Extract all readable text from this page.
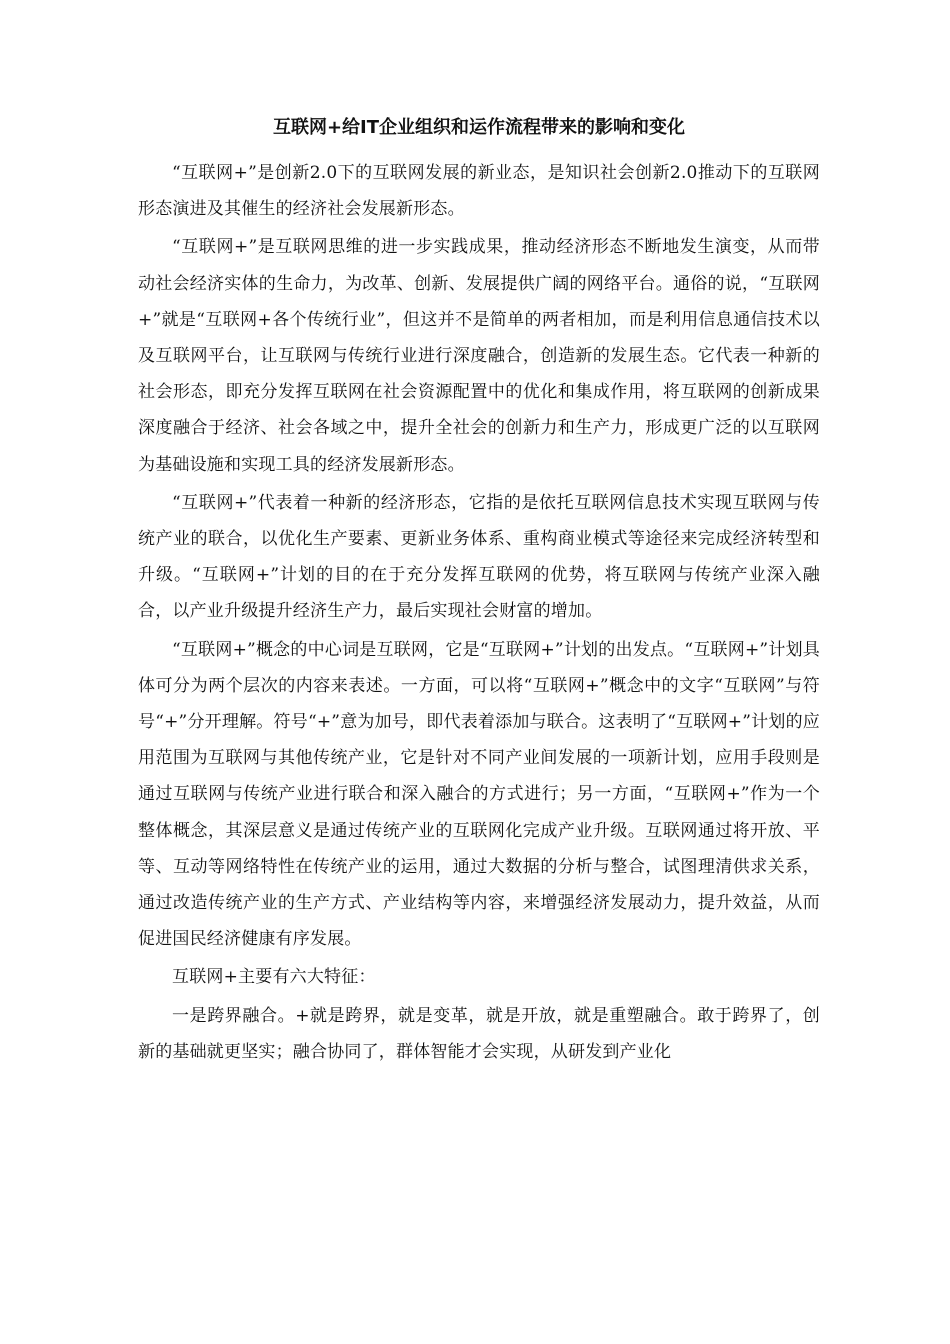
互联网+给IT企业组织和运作流程带来的影响和变化

“互联网+”是创新2.0下的互联网发展的新业态，是知识社会创新2.0推动下的互联网形态演进及其催生的经济社会发展新形态。

“互联网+”是互联网思维的进一步实践成果，推动经济形态不断地发生演变，从而带动社会经济实体的生命力，为改革、创新、发展提供广阔的网络平台。通俗的说，“互联网+”就是“互联网+各个传统行业”，但这并不是简单的两者相加，而是利用信息通信技术以及互联网平台，让互联网与传统行业进行深度融合，创造新的发展生态。它代表一种新的社会形态，即充分发挥互联网在社会资源配置中的优化和集成作用，将互联网的创新成果深度融合于经济、社会各域之中，提升全社会的创新力和生产力，形成更广泛的以互联网为基础设施和实现工具的经济发展新形态。

“互联网+”代表着一种新的经济形态，它指的是依托互联网信息技术实现互联网与传统产业的联合，以优化生产要素、更新业务体系、重构商业模式等途径来完成经济转型和升级。“互联网+”计划的目的在于充分发挥互联网的优势，将互联网与传统产业深入融合，以产业升级提升经济生产力，最后实现社会财富的增加。

“互联网+”概念的中心词是互联网，它是“互联网+”计划的出发点。“互联网+”计划具体可分为两个层次的内容来表述。一方面，可以将“互联网+”概念中的文字“互联网”与符号“+”分开理解。符号“+”意为加号，即代表着添加与联合。这表明了“互联网+”计划的应用范围为互联网与其他传统产业，它是针对不同产业间发展的一项新计划，应用手段则是通过互联网与传统产业进行联合和深入融合的方式进行；另一方面，“互联网+”作为一个整体概念，其深层意义是通过传统产业的互联网化完成产业升级。互联网通过将开放、平等、互动等网络特性在传统产业的运用，通过大数据的分析与整合，试图理清供求关系，通过改造传统产业的生产方式、产业结构等内容，来增强经济发展动力，提升效益，从而促进国民经济健康有序发展。

互联网+主要有六大特征：

一是跨界融合。+就是跨界，就是变革，就是开放，就是重塑融合。敢于跨界了，创新的基础就更坚实；融合协同了，群体智能才会实现，从研发到产业化
